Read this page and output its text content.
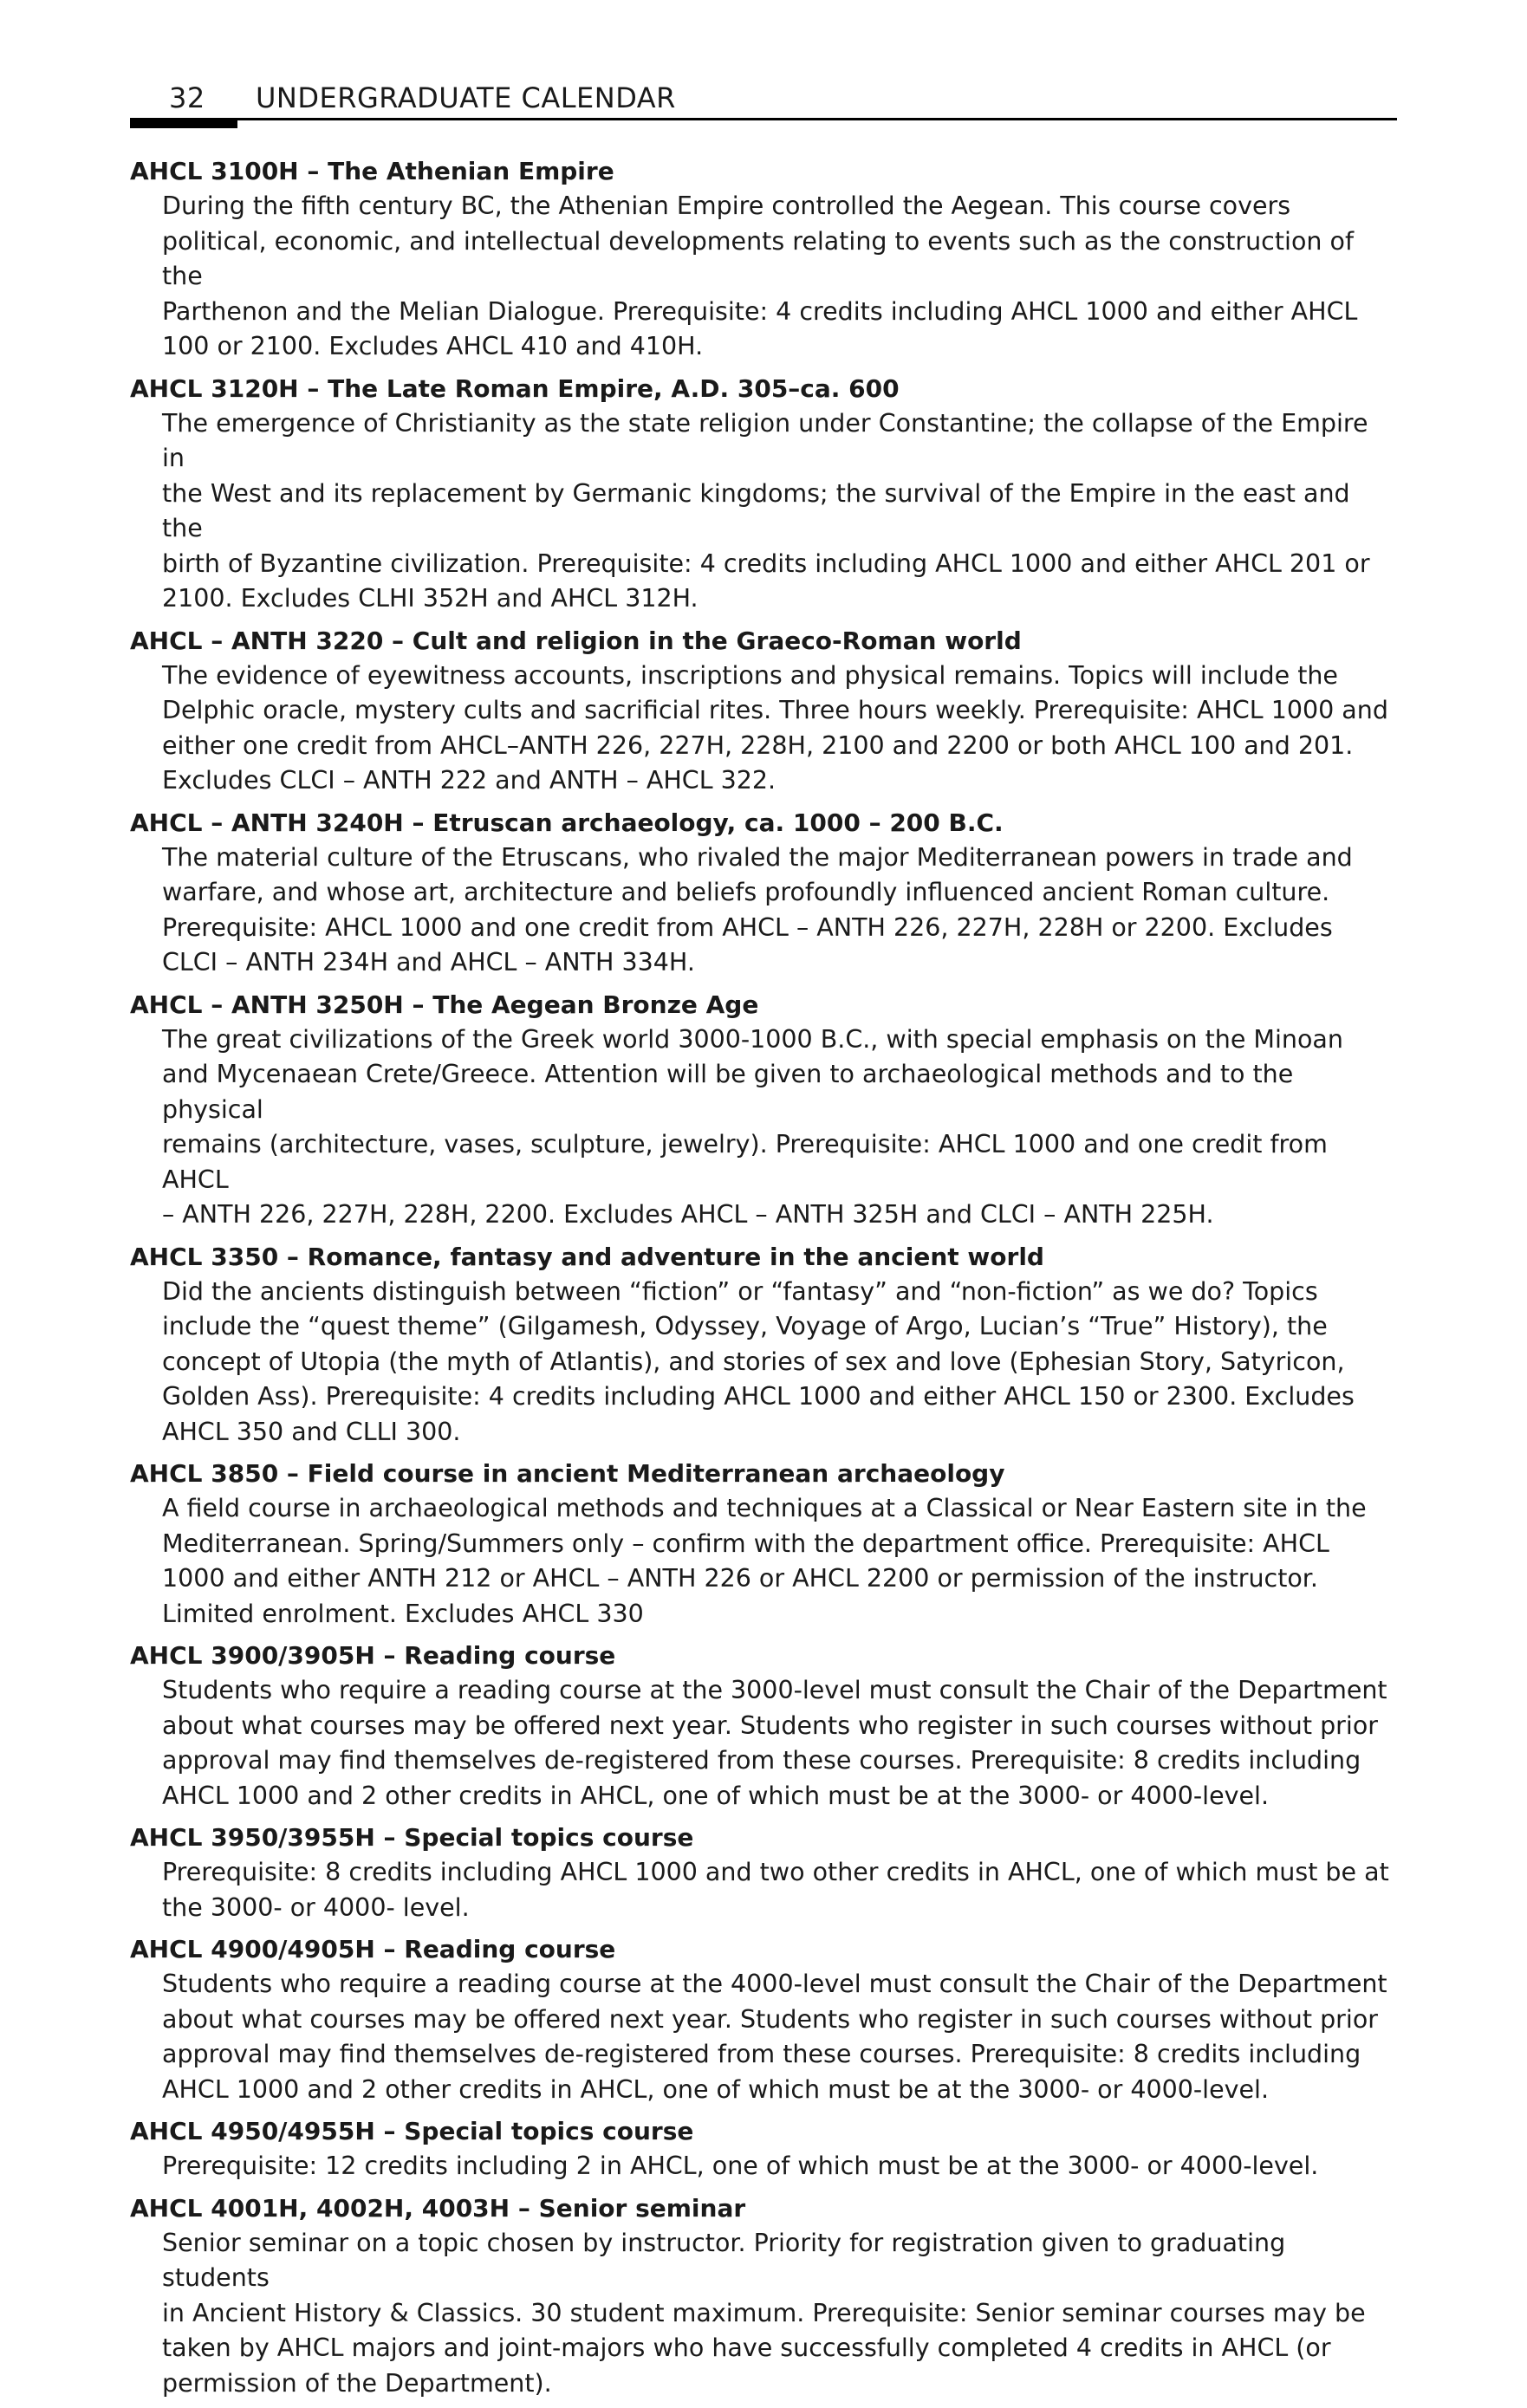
32 UNDERGRADUATE CALENDAR
AHCL 3100H – The Athenian Empire
During the fifth century BC, the Athenian Empire controlled the Aegean. This course covers
political, economic, and intellectual developments relating to events such as the construction of the
Parthenon and the Melian Dialogue. Prerequisite: 4 credits including AHCL 1000 and either AHCL
100 or 2100. Excludes AHCL 410 and 410H.
AHCL 3120H – The Late Roman Empire, A.D. 305–ca. 600
The emergence of Christianity as the state religion under Constantine; the collapse of the Empire in
the West and its replacement by Germanic kingdoms; the survival of the Empire in the east and the
birth of Byzantine civilization. Prerequisite: 4 credits including AHCL 1000 and either AHCL 201 or
2100. Excludes CLHI 352H and AHCL 312H.
AHCL – ANTH 3220 – Cult and religion in the Graeco-Roman world
The evidence of eyewitness accounts, inscriptions and physical remains. Topics will include the
Delphic oracle, mystery cults and sacrificial rites. Three hours weekly. Prerequisite: AHCL 1000 and
either one credit from AHCL–ANTH 226, 227H, 228H, 2100 and 2200 or both AHCL 100 and 201.
Excludes CLCI – ANTH 222 and ANTH – AHCL 322.
AHCL – ANTH 3240H – Etruscan archaeology, ca. 1000 – 200 B.C.
The material culture of the Etruscans, who rivaled the major Mediterranean powers in trade and
warfare, and whose art, architecture and beliefs profoundly influenced ancient Roman culture.
Prerequisite: AHCL 1000 and one credit from AHCL – ANTH 226, 227H, 228H or 2200. Excludes
CLCI – ANTH 234H and AHCL – ANTH 334H.
AHCL – ANTH 3250H – The Aegean Bronze Age
The great civilizations of the Greek world 3000-1000 B.C., with special emphasis on the Minoan
and Mycenaean Crete/Greece. Attention will be given to archaeological methods and to the physical
remains (architecture, vases, sculpture, jewelry). Prerequisite: AHCL 1000 and one credit from AHCL
– ANTH 226, 227H, 228H, 2200. Excludes AHCL – ANTH 325H and CLCI – ANTH 225H.
AHCL 3350 – Romance, fantasy and adventure in the ancient world
Did the ancients distinguish between “fiction” or “fantasy” and “non-fiction” as we do? Topics
include the “quest theme” (Gilgamesh, Odyssey, Voyage of Argo, Lucian’s “True” History), the
concept of Utopia (the myth of Atlantis), and stories of sex and love (Ephesian Story, Satyricon,
Golden Ass). Prerequisite: 4 credits including AHCL 1000 and either AHCL 150 or 2300. Excludes
AHCL 350 and CLLI 300.
AHCL 3850 – Field course in ancient Mediterranean archaeology
A field course in archaeological methods and techniques at a Classical or Near Eastern site in the
Mediterranean. Spring/Summers only – confirm with the department office. Prerequisite: AHCL
1000 and either ANTH 212 or AHCL – ANTH 226 or AHCL 2200 or permission of the instructor.
Limited enrolment. Excludes AHCL 330
AHCL 3900/3905H – Reading course
Students who require a reading course at the 3000-level must consult the Chair of the Department
about what courses may be offered next year. Students who register in such courses without prior
approval may find themselves de-registered from these courses. Prerequisite: 8 credits including
AHCL 1000 and 2 other credits in AHCL, one of which must be at the 3000- or 4000-level.
AHCL 3950/3955H – Special topics course
Prerequisite: 8 credits including AHCL 1000 and two other credits in AHCL, one of which must be at
the 3000- or 4000- level.
AHCL 4900/4905H – Reading course
Students who require a reading course at the 4000-level must consult the Chair of the Department
about what courses may be offered next year. Students who register in such courses without prior
approval may find themselves de-registered from these courses. Prerequisite: 8 credits including
AHCL 1000 and 2 other credits in AHCL, one of which must be at the 3000- or 4000-level.
AHCL 4950/4955H – Special topics course
Prerequisite: 12 credits including 2 in AHCL, one of which must be at the 3000- or 4000-level.
AHCL 4001H, 4002H, 4003H – Senior seminar
Senior seminar on a topic chosen by instructor. Priority for registration given to graduating students
in Ancient History & Classics. 30 student maximum. Prerequisite: Senior seminar courses may be
taken by AHCL majors and joint-majors who have successfully completed 4 credits in AHCL (or
permission of the Department).
